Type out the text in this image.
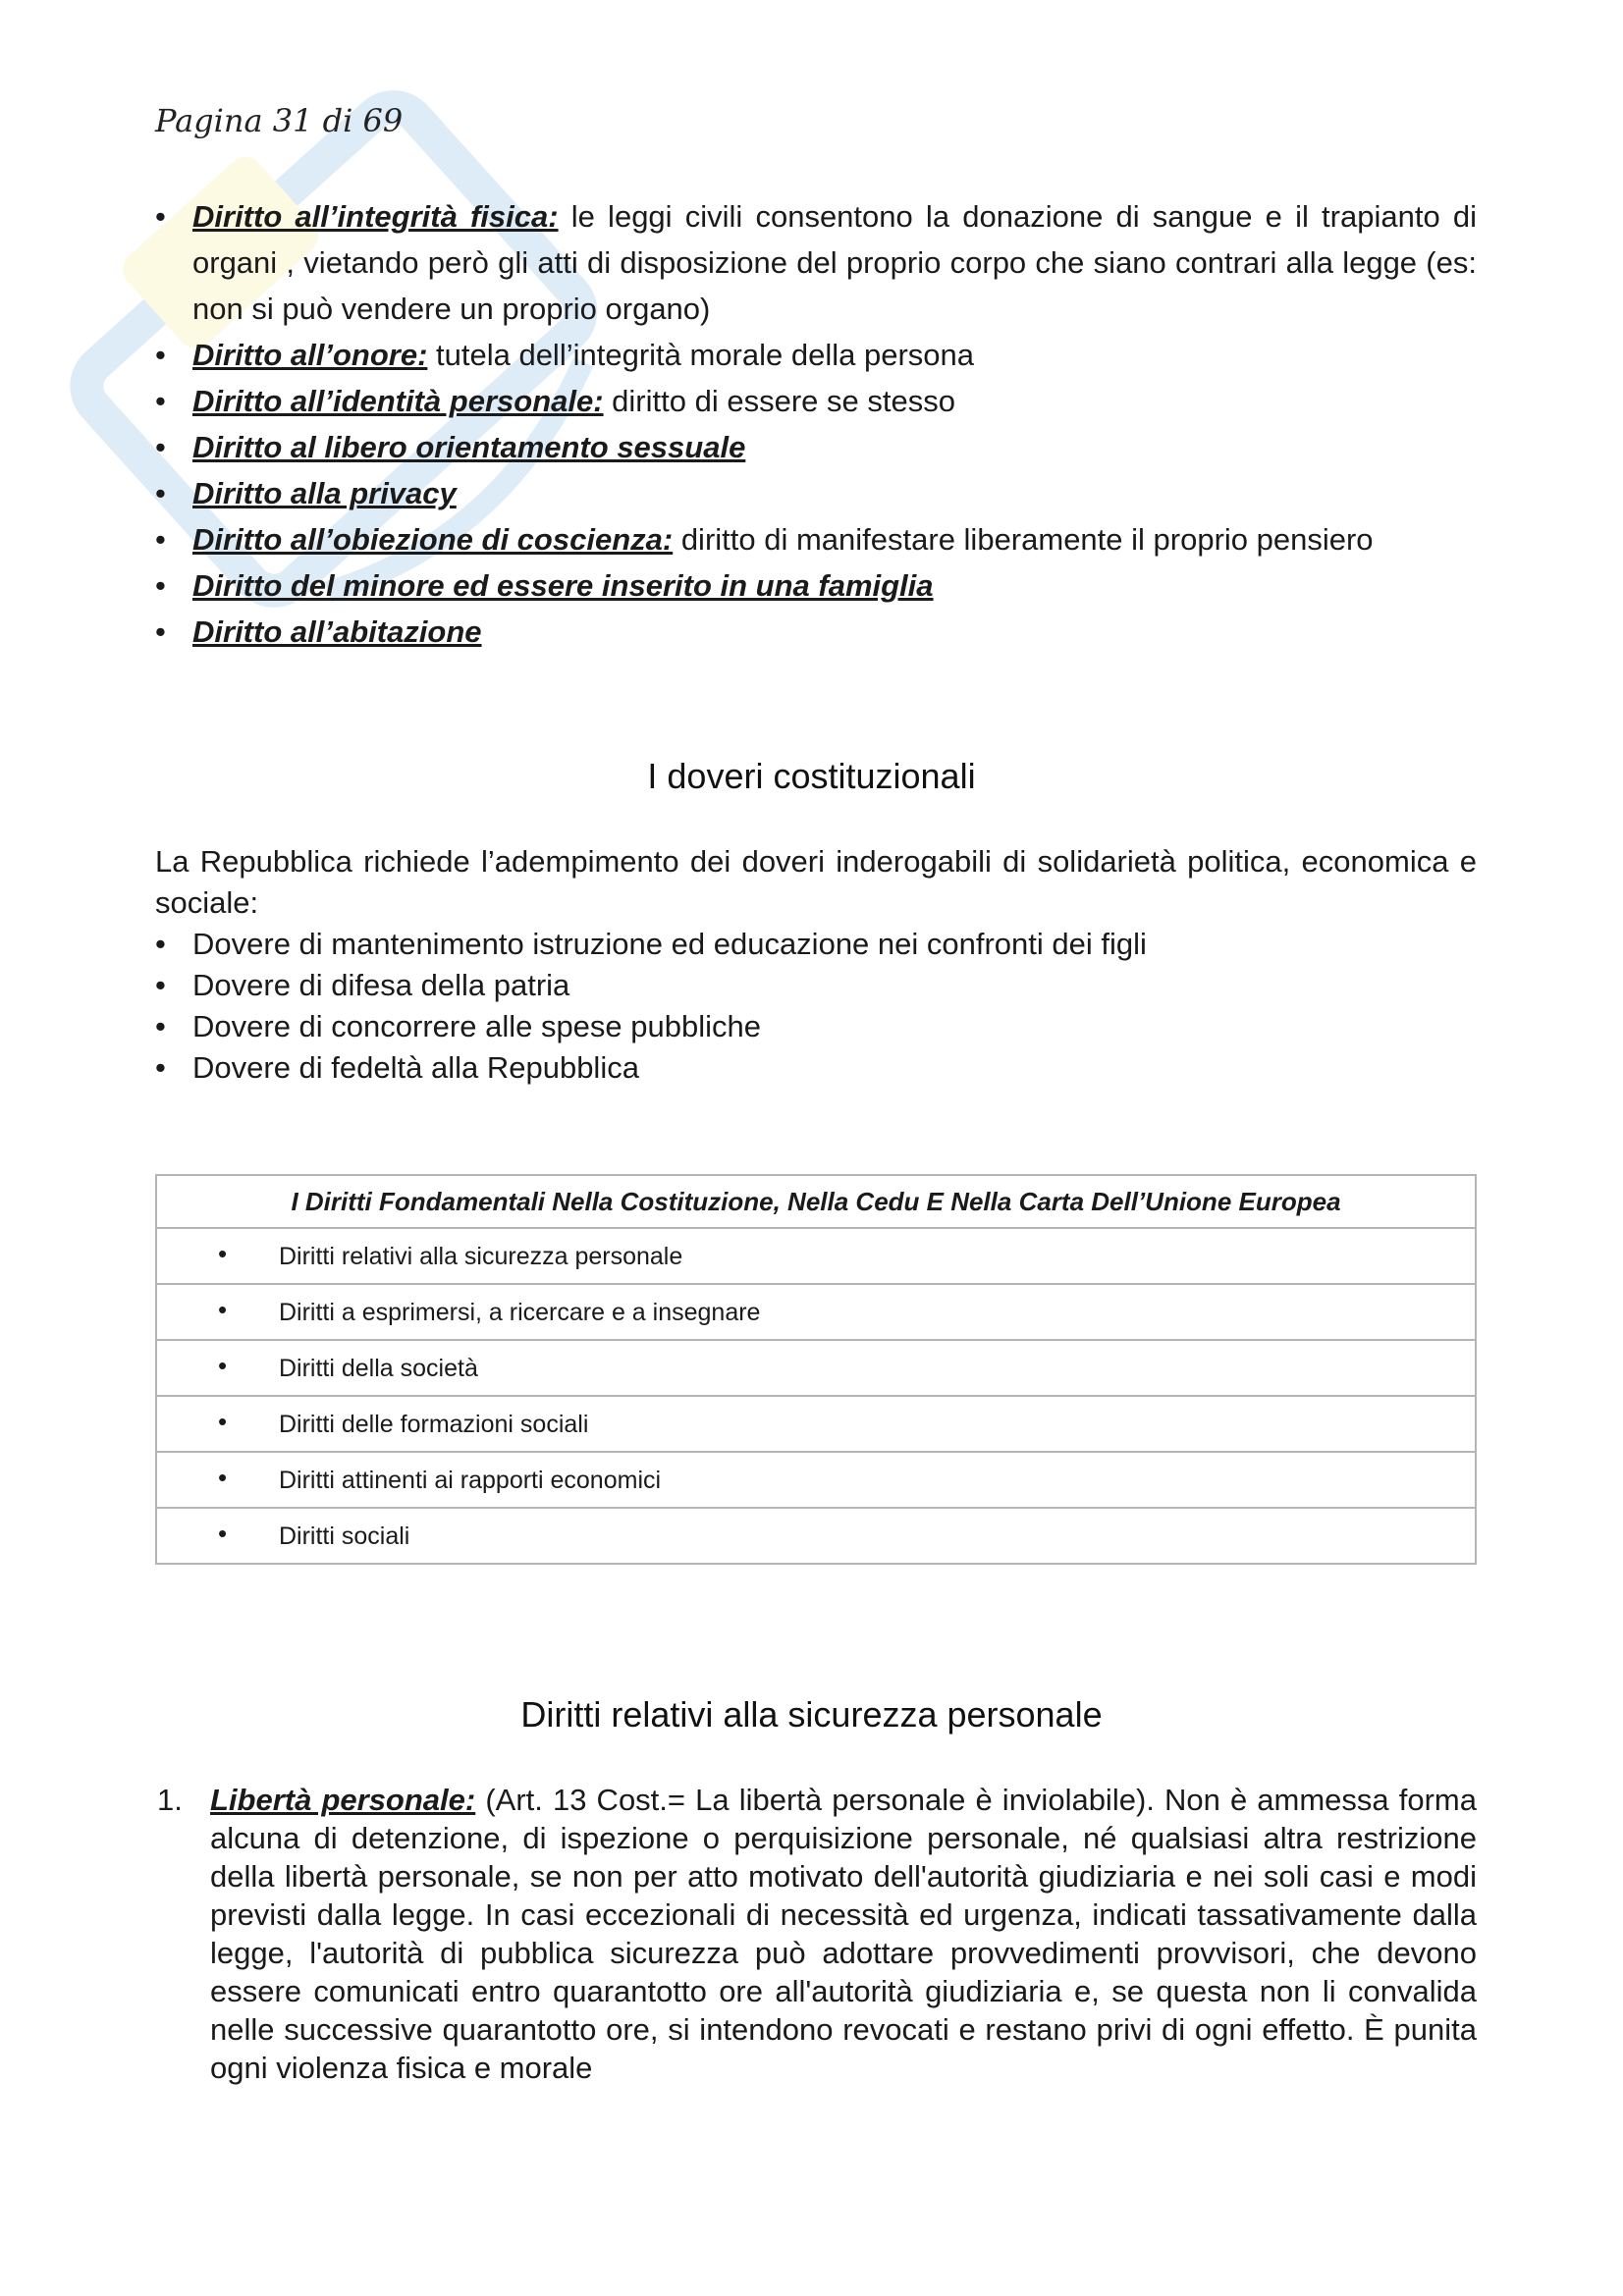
Pagina 31 di 69
• Diritto all’integrità fisica: le leggi civili consentono la donazione di sangue e il trapianto di organi , vietando però gli atti di disposizione del proprio corpo che siano contrari alla legge (es: non si può vendere un proprio organo)
• Diritto all’onore: tutela dell’integrità morale della persona
• Diritto all’identità personale: diritto di essere se stesso
• Diritto al libero orientamento sessuale
• Diritto alla privacy
• Diritto all’obiezione di coscienza: diritto di manifestare liberamente il proprio pensiero
• Diritto del minore ed essere inserito in una famiglia
• Diritto all’abitazione
I doveri costituzionali

La Repubblica richiede l’adempimento dei doveri inderogabili di solidarietà politica, economica e sociale:

• Dovere di mantenimento istruzione ed educazione nei confronti dei figli
• Dovere di difesa della patria
• Dovere di concorrere alle spese pubbliche
• Dovere di fedeltà alla Repubblica
I Diritti Fondamentali Nella Costituzione, Nella Cedu E Nella Carta Dell’Unione Europea

• Diritti relativi alla sicurezza personale

• Diritti a esprimersi, a ricercare e a insegnare

• Diritti della società

• Diritti delle formazioni sociali

• Diritti attinenti ai rapporti economici

• Diritti sociali
Diritti relativi alla sicurezza personale
1. Libertà personale: (Art. 13 Cost.= La libertà personale è inviolabile). Non è ammessa forma alcuna di detenzione, di ispezione o perquisizione personale, né qualsiasi altra restrizione della libertà personale, se non per atto motivato dell'autorità giudiziaria e nei soli casi e modi previsti dalla legge. In casi eccezionali di necessità ed urgenza, indicati tassativamente dalla legge, l'autorità di pubblica sicurezza può adottare provvedimenti provvisori, che devono essere comunicati entro quarantotto ore all'autorità giudiziaria e, se questa non li convalida nelle successive quarantotto ore, si intendono revocati e restano privi di ogni effetto. È punita ogni violenza fisica e morale
